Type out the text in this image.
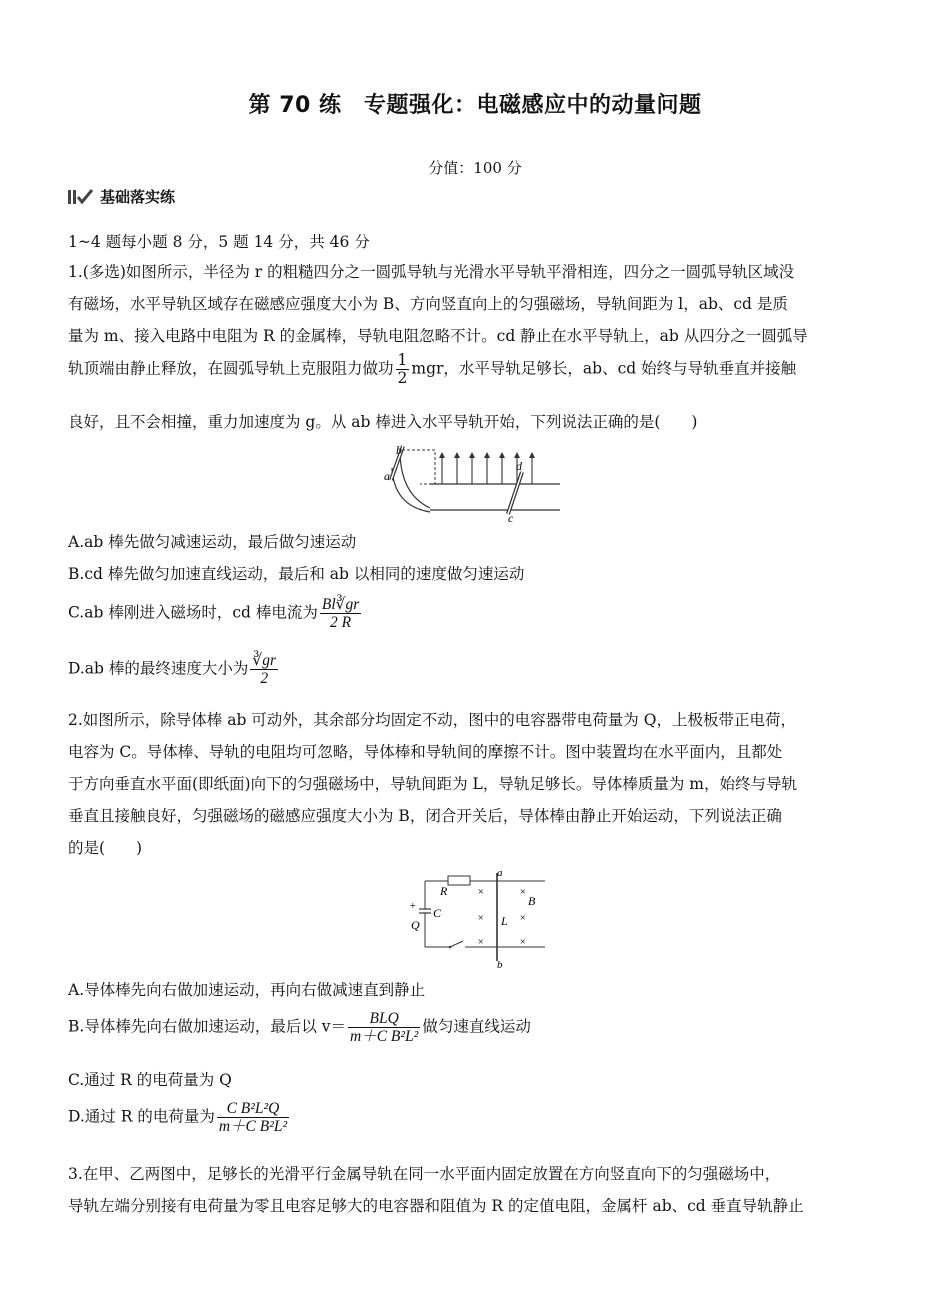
第 70 练　专题强化：电磁感应中的动量问题
分值：100 分
基础落实练
1~4 题每小题 8 分，5 题 14 分，共 46 分
1.(多选)如图所示，半径为 r 的粗糙四分之一圆弧导轨与光滑水平导轨平滑相连，四分之一圆弧导轨区域没
有磁场，水平导轨区域存在磁感应强度大小为 B、方向竖直向上的匀强磁场，导轨间距为 l，ab、cd 是质
量为 m、接入电路中电阻为 R 的金属棒，导轨电阻忽略不计。cd 静止在水平导轨上，ab 从四分之一圆弧导
轨顶端由静止释放，在圆弧导轨上克服阻力做功 $\frac{1}{2}$ mgr，水平导轨足够长，ab、cd 始终与导轨垂直并接触
良好，且不会相撞，重力加速度为 g。从 ab 棒进入水平导轨开始，下列说法正确的是(　　)
b
a
d
c
A.ab 棒先做匀减速运动，最后做匀速运动
B.cd 棒先做匀加速直线运动，最后和 ab 以相同的速度做匀速运动
C.ab 棒刚进入磁场时，cd 棒电流为 $\frac{Bl∛gr}{2 R}$
D.ab 棒的最终速度大小为 $\frac{∛gr}{2}$
2.如图所示，除导体棒 ab 可动外，其余部分均固定不动，图中的电容器带电荷量为 Q，上极板带正电荷，
电容为 C。导体棒、导轨的电阻均可忽略，导体棒和导轨间的摩擦不计。图中装置均在水平面内，且都处
于方向垂直水平面(即纸面)向下的匀强磁场中，导轨间距为 L，导轨足够长。导体棒质量为 m，始终与导轨
垂直且接触良好，匀强磁场的磁感应强度大小为 B，闭合开关后，导体棒由静止开始运动，下列说法正确
的是(　　)
R
+ C
Q	L
B
a
b
×	×
×	×
×	×
A.导体棒先向右做加速运动，再向右做减速直到静止
B.导体棒先向右做加速运动，最后以 $v= \frac{\text{BLQ}}{\text{m＋C B²L²}}$ 做匀速直线运动
C.通过 R 的电荷量为 Q
D.通过 R 的电荷量为 $\frac{\text{C B²L²Q}}{\text{m＋C B²L²}}$
3.在甲、乙两图中，足够长的光滑平行金属导轨在同一水平面内固定放置在方向竖直向下的匀强磁场中，
导轨左端分别接有电荷量为零且电容足够大的电容器和阻值为 R 的定值电阻，金属杆 ab、cd 垂直导轨静止
